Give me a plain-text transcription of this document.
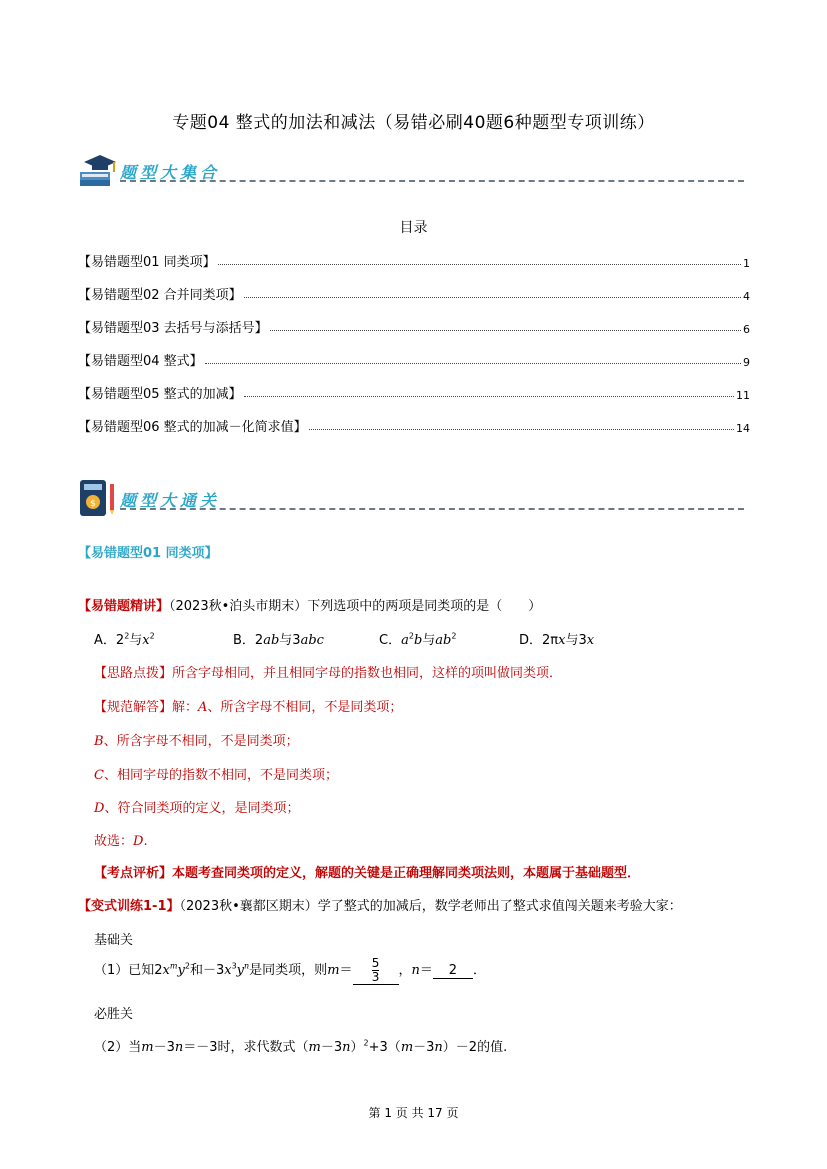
专题04 整式的加法和减法（易错必刷40题6种题型专项训练）
题型大集合
目录
【易错题型01 同类项】	1
【易错题型02 合并同类项】	4
【易错题型03 去括号与添括号】	6
【易错题型04 整式】	9
【易错题型05 整式的加减】	11
【易错题型06 整式的加减－化简求值】	14
$ 题型大通关
【易错题型01 同类项】
【易错题精讲】（2023秋•泊头市期末）下列选项中的两项是同类项的是（　　）
A．$2^2$与$x^2$	B．2ab与3abc	C．$a^2b$与$ab^2$	D．2πx与3x
【思路点拨】所含字母相同，并且相同字母的指数也相同，这样的项叫做同类项．
【规范解答】解：A、所含字母不相同，不是同类项；
B、所含字母不相同，不是同类项；
C、相同字母的指数不相同，不是同类项；
D、符合同类项的定义，是同类项；
故选：D.
【考点评析】本题考查同类项的定义，解题的关键是正确理解同类项法则，本题属于基础题型．
【变式训练1-1】（2023秋•襄都区期末）学了整式的加减后，数学老师出了整式求值闯关题来考验大家：
基础关
（1）已知$2x^my^2$和$-3x^3y^n$是同类项，则$m= \frac{5}{3}$ ，n＝ 2 ．
必胜关
（2）当m－3n＝－3时，求代数式$(m-3n)^2+3(m-3n)-2$的值.
第 1 页 共 17 页
